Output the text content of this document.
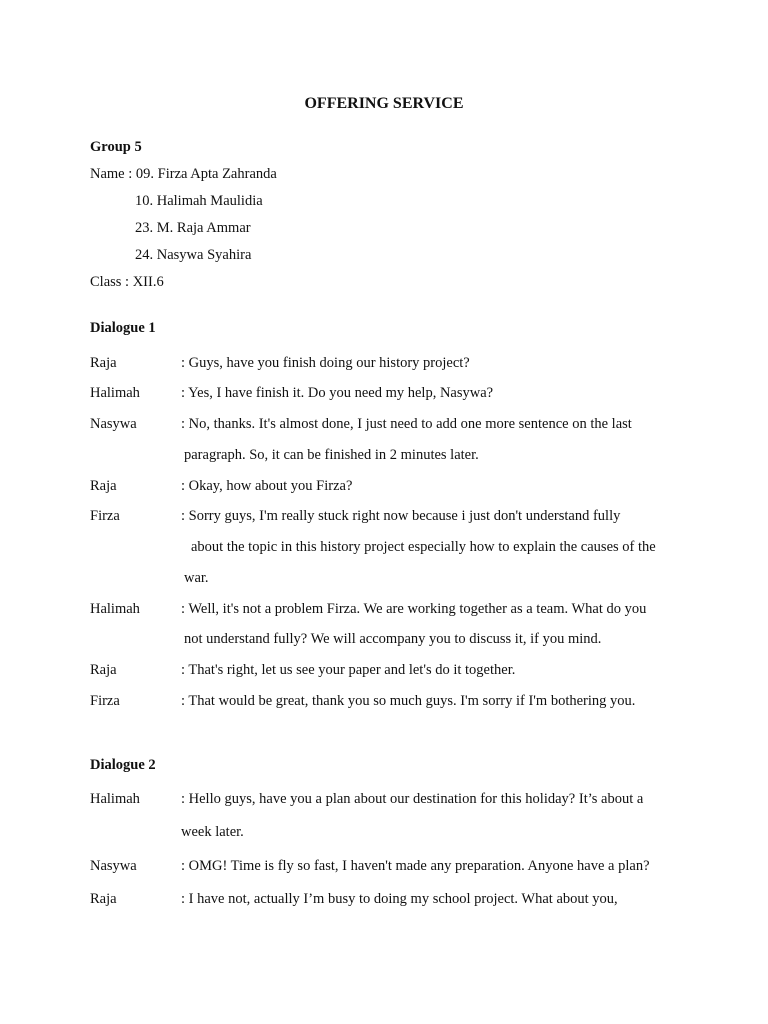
OFFERING SERVICE
Group 5
Name : 09. Firza Apta Zahranda
10. Halimah Maulidia
23. M. Raja Ammar
24. Nasywa Syahira
Class : XII.6
Dialogue 1
Raja	: Guys, have you finish doing our history project?
Halimah	: Yes, I have finish it. Do you need my help, Nasywa?
Nasywa	: No, thanks. It's almost done, I just need to add one more sentence on the last
paragraph. So, it can be finished in 2 minutes later.
Raja	: Okay, how about you Firza?
Firza	: Sorry guys, I'm really stuck right now because i just don't understand fully
about the topic in this history project especially how to explain the causes of the
war.
Halimah	: Well, it's not a problem Firza. We are working together as a team. What do you
not understand fully? We will accompany you to discuss it, if you mind.
Raja	: That's right, let us see your paper and let's do it together.
Firza	: That would be great, thank you so much guys. I'm sorry if I'm bothering you.
Dialogue 2
Halimah	: Hello guys, have you a plan about our destination for this holiday? It’s about a
week later.
Nasywa	: OMG! Time is fly so fast, I haven't made any preparation. Anyone have a plan?
Raja	: I have not, actually I’m busy to doing my school project. What about you,
